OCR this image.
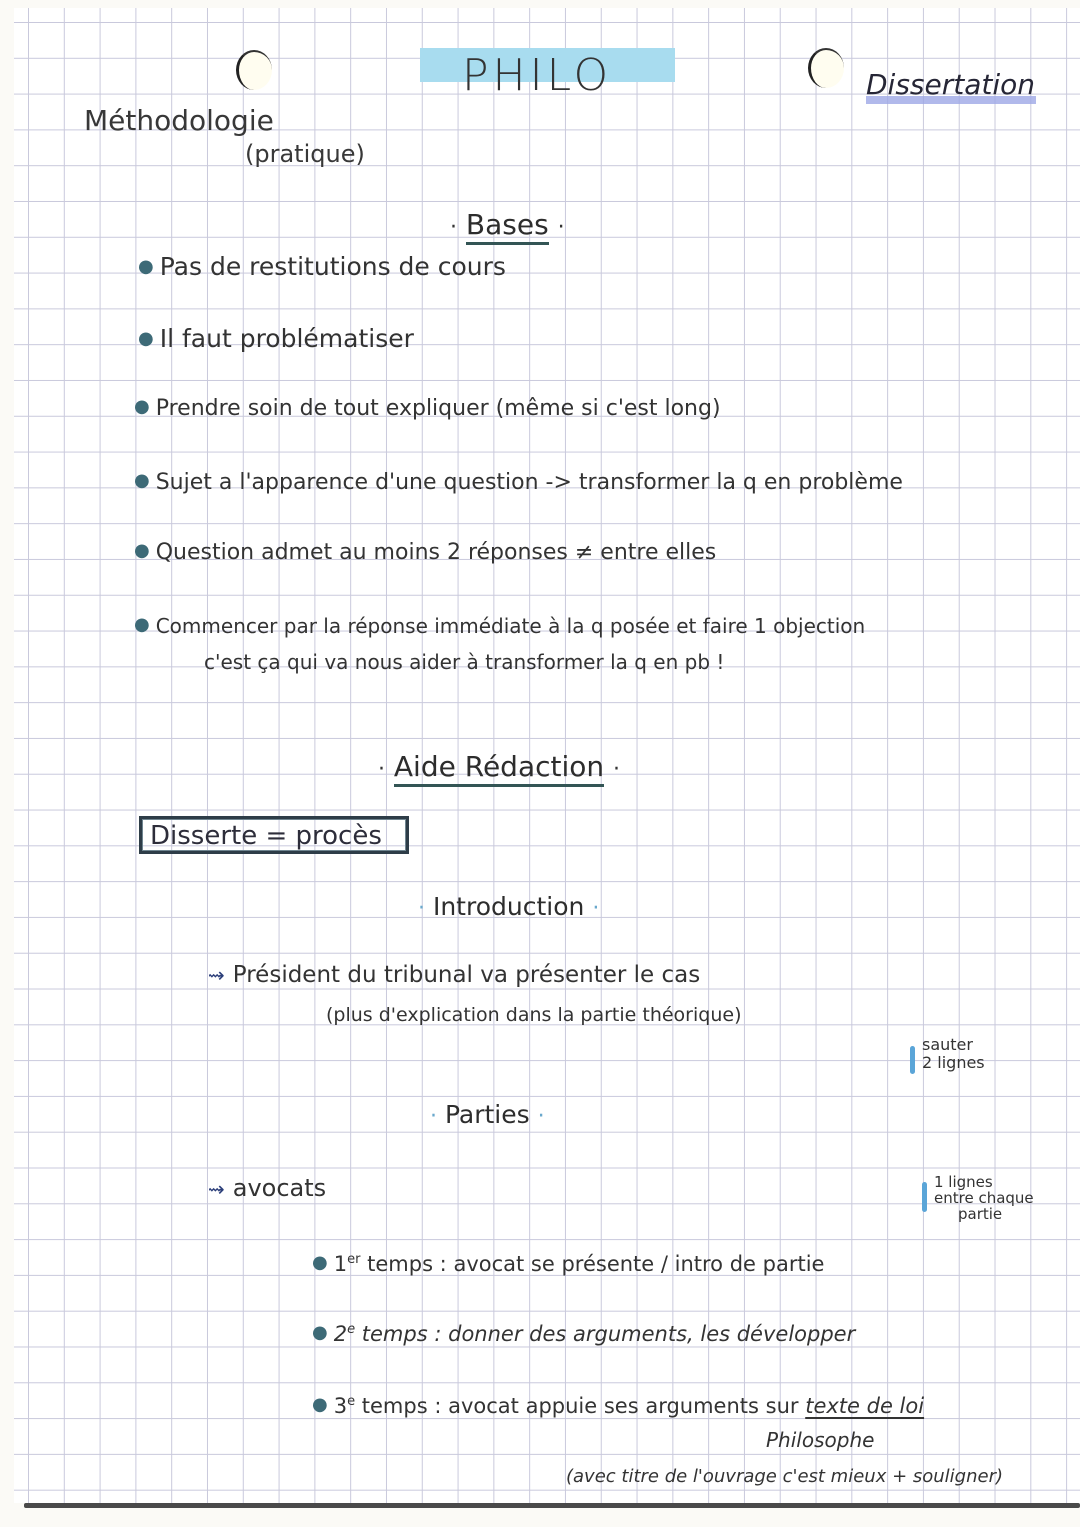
PHILO	Dissertation
Méthodologie
(pratique)
· Bases ·
● Pas de restitutions de cours
● Il faut problématiser
● Prendre soin de tout expliquer (même si c'est long)
● Sujet a l'apparence d'une question -> transformer la q en problème
● Question admet au moins 2 réponses ≠ entre elles
● Commencer par la réponse immédiate à la q posée et faire 1 objection
c'est ça qui va nous aider à transformer la q en pb !
· Aide Rédaction ·
Disserte = procès
· Introduction ·
⇝ Président du tribunal va présenter le cas
(plus d'explication dans la partie théorique)
sauter
2 lignes
· Parties ·
⇝ avocats	1 lignes
entre chaque
partie
● 1er temps : avocat se présente / intro de partie
● 2e temps : donner des arguments, les développer
● 3e temps : avocat appuie ses arguments sur texte de loi
Philosophe
(avec titre de l'ouvrage c'est mieux + souligner)
